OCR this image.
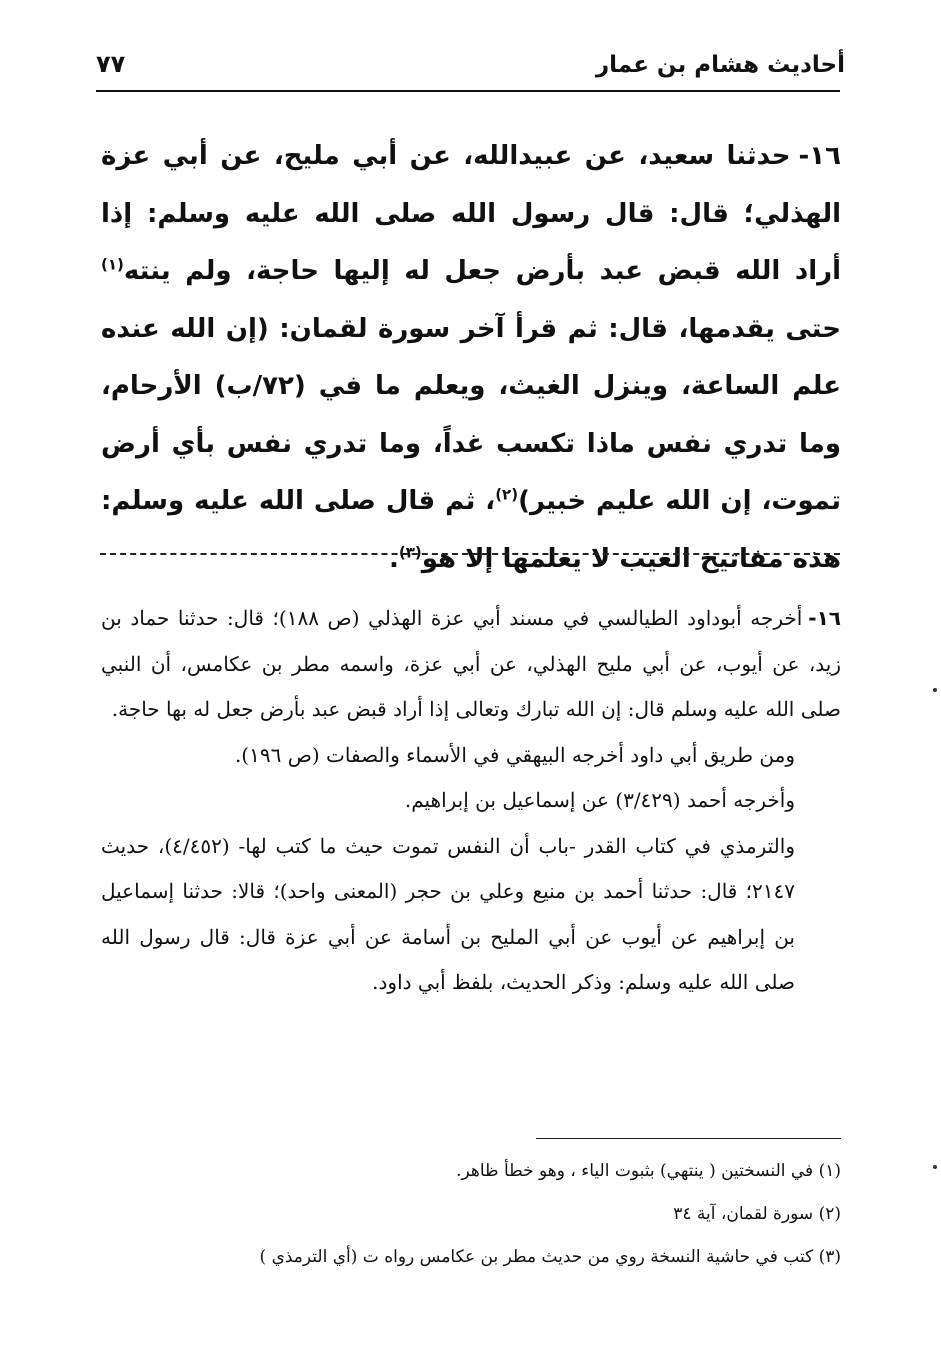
أحاديث هشام بن عمار
٧٧

١٦-حدثنا سعيد، عن عبيدالله، عن أبي مليح، عن أبي عزة الهذلي؛ قال: قال رسول الله صلى الله عليه وسلم: إذا أراد الله قبض عبد بأرض جعل له إليها حاجة، ولم ينته$^{(١)}$ حتى يقدمها، قال: ثم قرأ آخر سورة لقمان: (إن الله عنده علم الساعة، وينزل الغيث، ويعلم ما في (٧٢/ب) الأرحام، وما تدري نفس ماذا تكسب غداً، وما تدري نفس بأي أرض تموت، إن الله عليم خبير)$^{(٢)}$، ثم قال صلى الله عليه وسلم: هذه مفاتيح الغيب لا يعلمها إلا هو$^{(٣)}$.

١٦-أخرجه أبوداود الطيالسي في مسند أبي عزة الهذلي (ص ١٨٨)؛ قال: حدثنا حماد بن زيد، عن أيوب، عن أبي مليح الهذلي، عن أبي عزة، واسمه مطر بن عكامس، أن النبي صلى الله عليه وسلم قال: إن الله تبارك وتعالى إذا أراد قبض عبد بأرض جعل له بها حاجة.

ومن طريق أبي داود أخرجه البيهقي في الأسماء والصفات (ص ١٩٦).

وأخرجه أحمد (٣/٤٢٩) عن إسماعيل بن إبراهيم.

والترمذي في كتاب القدر -باب أن النفس تموت حيث ما كتب لها- (٤/٤٥٢)، حديث ٢١٤٧؛ قال: حدثنا أحمد بن منيع وعلي بن حجر (المعنى واحد)؛ قالا: حدثنا إسماعيل بن إبراهيم عن أيوب عن أبي المليح بن أسامة عن أبي عزة قال: قال رسول الله صلى الله عليه وسلم: وذكر الحديث، بلفظ أبي داود.

(١) في النسختين ( ينتهي) بثبوت الياء ، وهو خطأ ظاهر.

(٢) سورة لقمان، آية ٣٤

(٣) كتب في حاشية النسخة روي من حديث مطر بن عكامس رواه ت (أي الترمذي )
